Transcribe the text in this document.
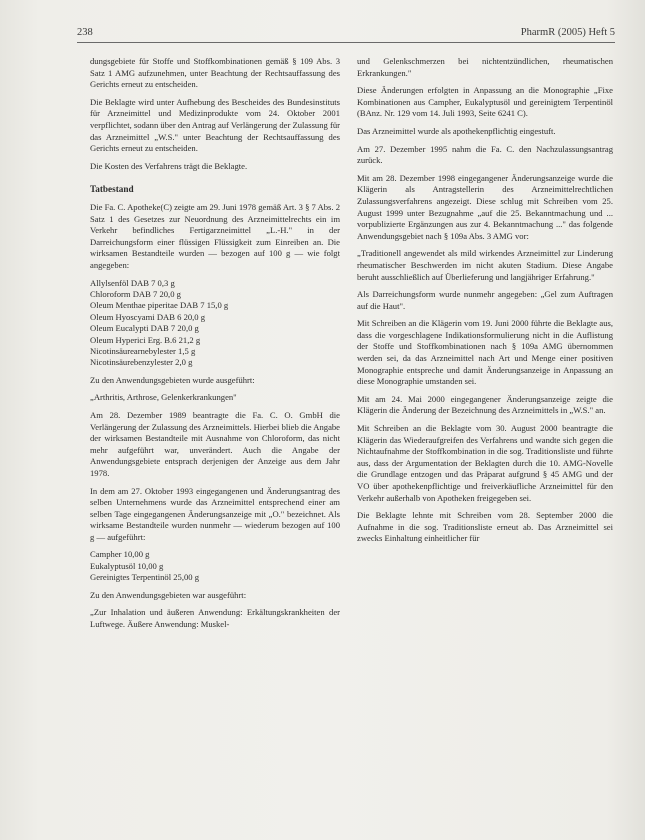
238	PharmR (2005) Heft 5

dungsgebiete für Stoffe und Stoffkombinationen gemäß § 109 Abs. 3 Satz 1 AMG aufzunehmen, unter Beachtung der Rechtsauffassung des Gerichts erneut zu entscheiden.

Die Beklagte wird unter Aufhebung des Bescheides des Bundesinstituts für Arzneimittel und Medizinprodukte vom 24. Oktober 2001 verpflichtet, sodann über den Antrag auf Verlängerung der Zulassung für das Arzneimittel „W.S." unter Beachtung der Rechtsauffassung des Gerichts erneut zu entscheiden.

Die Kosten des Verfahrens trägt die Beklagte.

Tatbestand

Die Fa. C. Apotheke(C) zeigte am 29. Juni 1978 gemäß Art. 3 § 7 Abs. 2 Satz 1 des Gesetzes zur Neuordnung des Arzneimittelrechts ein im Verkehr befindliches Fertigarzneimittel „L.-H." in der Darreichungsform einer flüssigen Flüssigkeit zum Einreiben an. Die wirksamen Bestandteile wurden — bezogen auf 100 g — wie folgt angegeben:

Allylsenföl DAB 7 0,3 g
Chloroform DAB 7 20,0 g
Oleum Menthae piperitae DAB 7 15,0 g
Oleum Hyoscyami DAB 6 20,0 g
Oleum Eucalypti DAB 7 20,0 g
Oleum Hyperici Erg. B.6 21,2 g
Nicotinsäurearnebylester 1,5 g
Nicotinsäurebenzylester 2,0 g

Zu den Anwendungsgebieten wurde ausgeführt:

„Arthritis, Arthrose, Gelenkerkrankungen"

Am 28. Dezember 1989 beantragte die Fa. C. O. GmbH die Verlängerung der Zulassung des Arzneimittels. Hierbei blieb die Angabe der wirksamen Bestandteile mit Ausnahme von Chloroform, das nicht mehr aufgeführt war, unverändert. Auch die Angabe der Anwendungsgebiete entsprach derjenigen der Anzeige aus dem Jahr 1978.

In dem am 27. Oktober 1993 eingegangenen und Änderungsantrag des selben Unternehmens wurde das Arzneimittel entsprechend einer am selben Tage eingegangenen Änderungsanzeige mit „O." bezeichnet. Als wirksame Bestandteile wurden nunmehr — wiederum bezogen auf 100 g — aufgeführt:

Campher 10,00 g
Eukalyptusöl 10,00 g
Gereinigtes Terpentinöl 25,00 g

Zu den Anwendungsgebieten war ausgeführt:

„Zur Inhalation und äußeren Anwendung: Erkältungskrankheiten der Luftwege. Äußere Anwendung: Muskel-

und Gelenkschmerzen bei nichtentzündlichen, rheumatischen Erkrankungen."

Diese Änderungen erfolgten in Anpassung an die Monographie „Fixe Kombinationen aus Campher, Eukalyptusöl und gereinigtem Terpentinöl (BAnz. Nr. 129 vom 14. Juli 1993, Seite 6241 C).

Das Arzneimittel wurde als apothekenpflichtig eingestuft.

Am 27. Dezember 1995 nahm die Fa. C. den Nachzulassungsantrag zurück.

Mit am 28. Dezember 1998 eingegangener Änderungsanzeige wurde die Klägerin als Antragstellerin des Arzneimittelrechtlichen Zulassungsverfahrens angezeigt. Diese schlug mit Schreiben vom 25. August 1999 unter Bezugnahme „auf die 25. Bekanntmachung und ... vorpublizierte Ergänzungen aus zur 4. Bekanntmachung ..." das folgende Anwendungsgebiet nach § 109a Abs. 3 AMG vor:

„Traditionell angewendet als mild wirkendes Arzneimittel zur Linderung rheumatischer Beschwerden im nicht akuten Stadium. Diese Angabe beruht ausschließlich auf Überlieferung und langjähriger Erfahrung."

Als Darreichungsform wurde nunmehr angegeben: „Gel zum Auftragen auf die Haut".

Mit Schreiben an die Klägerin vom 19. Juni 2000 führte die Beklagte aus, dass die vorgeschlagene Indikationsformulierung nicht in die Auflistung der Stoffe und Stoffkombinationen nach § 109a AMG übernommen werden sei, da das Arzneimittel nach Art und Menge einer positiven Monographie entspreche und damit Änderungsanzeige in Anpassung an diese Monographie umstanden sei.

Mit am 24. Mai 2000 eingegangener Änderungsanzeige zeigte die Klägerin die Änderung der Bezeichnung des Arzneimittels in „W.S." an.

Mit Schreiben an die Beklagte vom 30. August 2000 beantragte die Klägerin das Wiederaufgreifen des Verfahrens und wandte sich gegen die Nichtaufnahme der Stoffkombination in die sog. Traditionsliste und führte aus, dass der Argumentation der Beklagten durch die 10. AMG-Novelle die Grundlage entzogen und das Präparat aufgrund § 45 AMG und der VO über apothekenpflichtige und freiverkäufliche Arzneimittel für den Verkehr außerhalb von Apotheken freigegeben sei.

Die Beklagte lehnte mit Schreiben vom 28. September 2000 die Aufnahme in die sog. Traditionsliste erneut ab. Das Arzneimittel sei zwecks Einhaltung einheitlicher für
